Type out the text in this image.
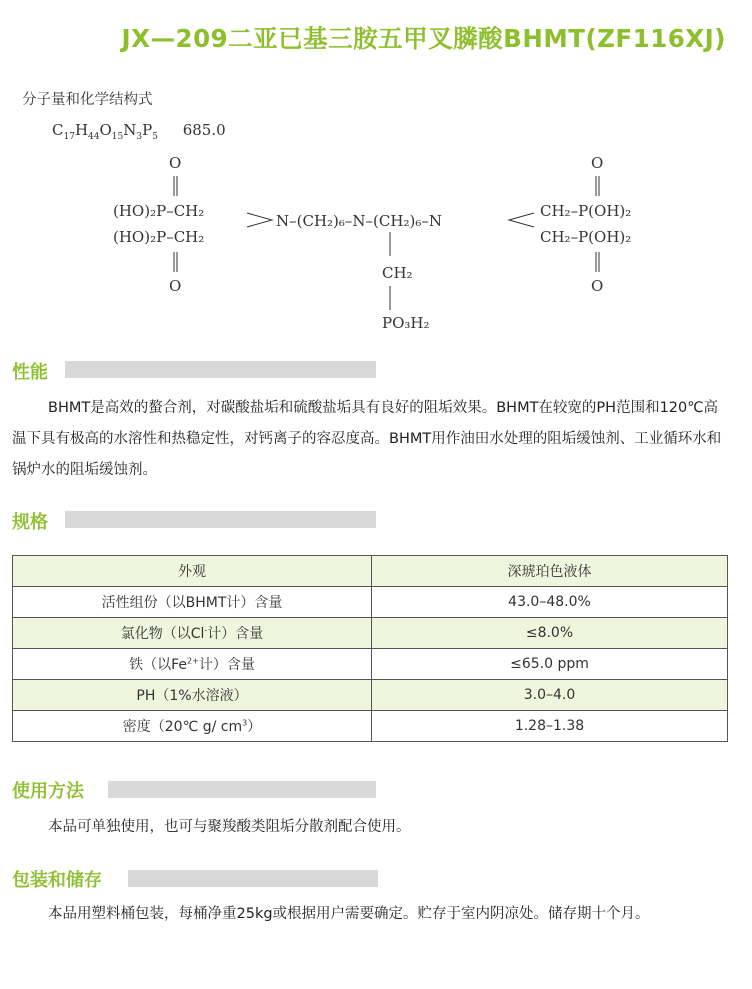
JX—209二亚已基三胺五甲叉膦酸BHMT(ZF116XJ)
分子量和化学结构式
$C_{17}H_{44}O_{15}N_3P_5$ 685.0
O
(HO)₂P–CH₂
(HO)₂P–CH₂
O
N–(CH₂)₆–N–(CH₂)₆–N
CH₂–P(OH)₂
CH₂–P(OH)₂
O
O
CH₂
PO₃H₂
性能

BHMT是高效的螯合剂，对碳酸盐垢和硫酸盐垢具有良好的阻垢效果。BHMT在较宽的PH范围和120℃高温下具有极高的水溶性和热稳定性，对钙离子的容忍度高。BHMT用作油田水处理的阻垢缓蚀剂、工业循环水和锅炉水的阻垢缓蚀剂。

规格
外观	深琥珀色液体
活性组份（以BHMT计）含量	43.0–48.0%
氯化物（以Cl-计）含量	≤8.0%
铁（以$Fe^{2+}$计）含量	≤65.0 ppm
PH（1%水溶液）	3.0–4.0
密度（20℃ g/ $cm^3$）	1.28–1.38
使用方法

本品可单独使用，也可与聚羧酸类阻垢分散剂配合使用。

包装和储存

本品用塑料桶包装，每桶净重25kg或根据用户需要确定。贮存于室内阴凉处。储存期十个月。
